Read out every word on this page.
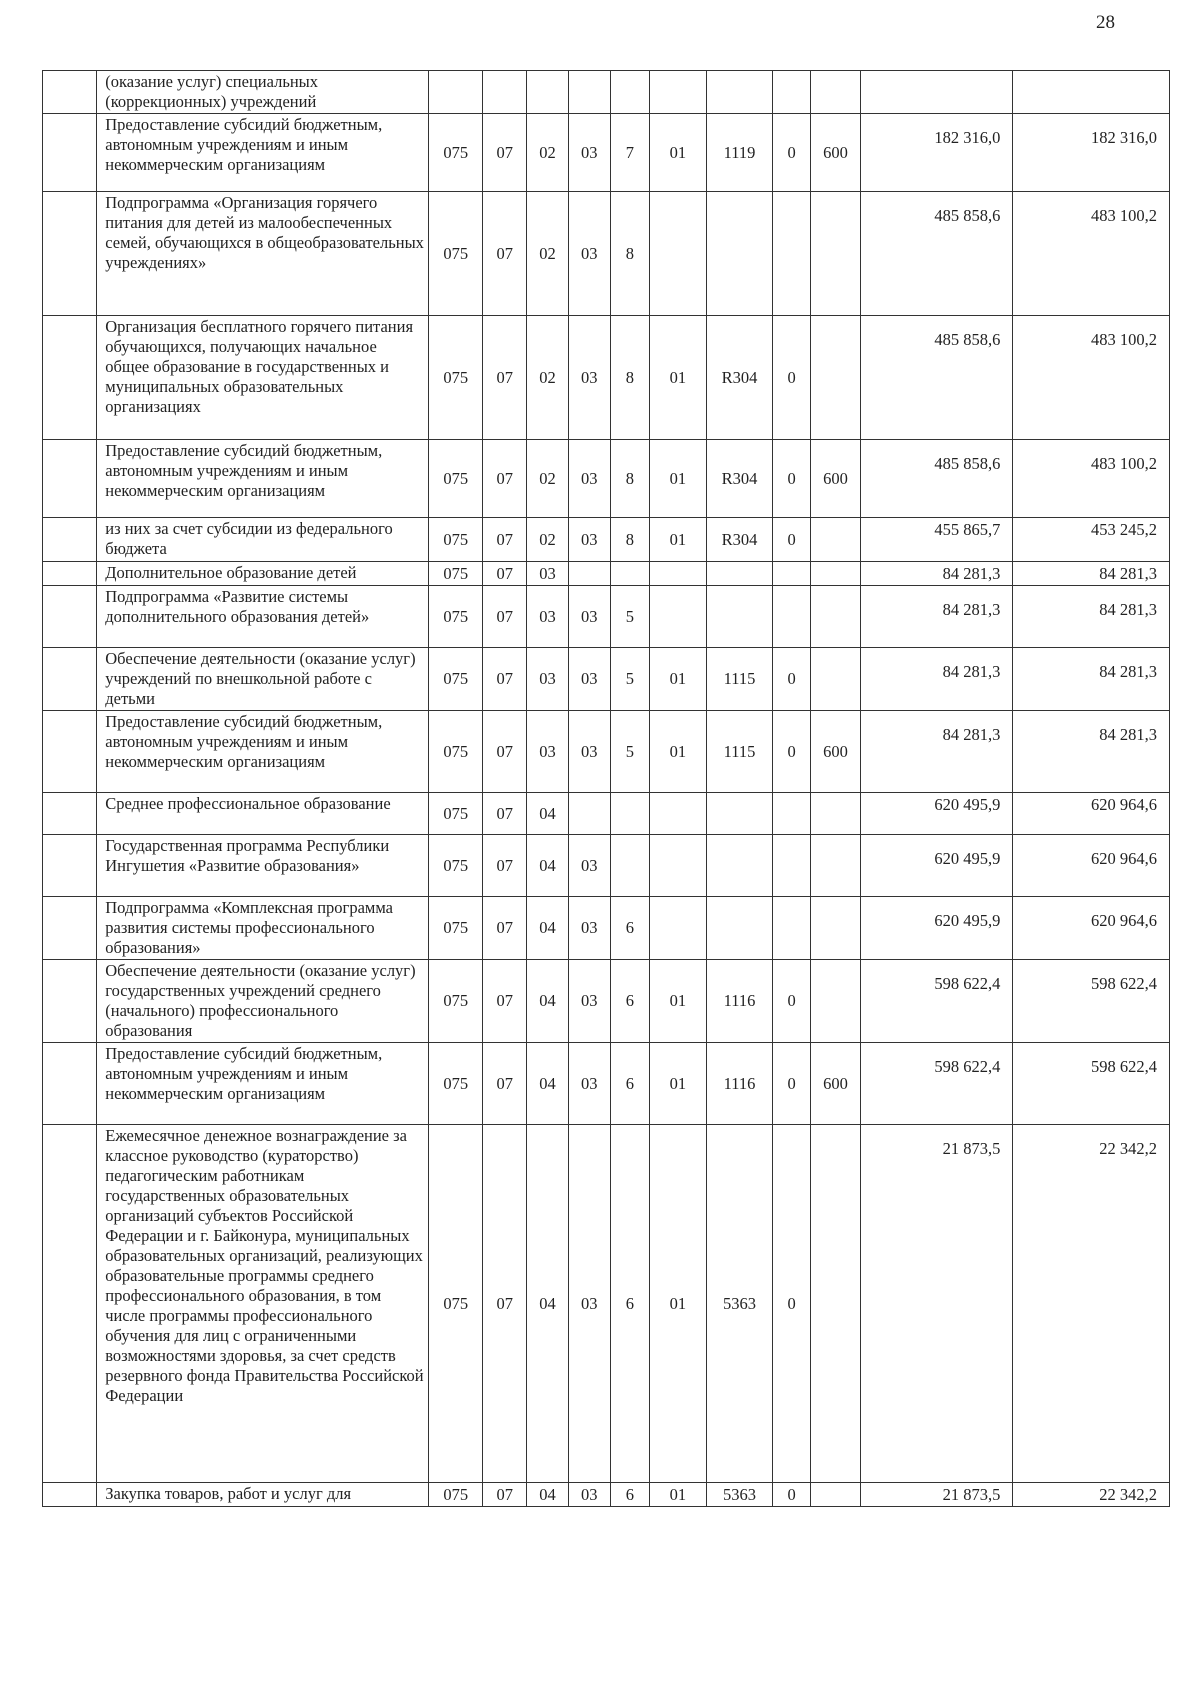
28
	(оказание услуг) специальных (коррекционных) учреждений											
	Предоставление субсидий бюджетным, автономным учреждениям и иным некоммерческим организациям	075	07	02	03	7	01	1119	0	600	182 316,0	182 316,0
	Подпрограмма «Организация горячего питания для детей из малообеспеченных семей, обучающихся в общеобразовательных учреждениях»	075	07	02	03	8					485 858,6	483 100,2
	Организация бесплатного горячего питания обучающихся, получающих начальное общее образование в государственных и муниципальных образовательных организациях	075	07	02	03	8	01	R304	0		485 858,6	483 100,2
	Предоставление субсидий бюджетным, автономным учреждениям и иным некоммерческим организациям	075	07	02	03	8	01	R304	0	600	485 858,6	483 100,2
	из них за счет субсидии из федерального бюджета	075	07	02	03	8	01	R304	0		455 865,7	453 245,2
	Дополнительное образование детей	075	07	03							84 281,3	84 281,3
	Подпрограмма «Развитие системы дополнительного образования детей»	075	07	03	03	5					84 281,3	84 281,3
	Обеспечение деятельности (оказание услуг) учреждений по внешкольной работе с детьми	075	07	03	03	5	01	1115	0		84 281,3	84 281,3
	Предоставление субсидий бюджетным, автономным учреждениям и иным некоммерческим организациям	075	07	03	03	5	01	1115	0	600	84 281,3	84 281,3
	Среднее профессиональное образование	075	07	04							620 495,9	620 964,6
	Государственная программа Республики Ингушетия «Развитие образования»	075	07	04	03						620 495,9	620 964,6
	Подпрограмма «Комплексная программа развития системы профессионального образования»	075	07	04	03	6					620 495,9	620 964,6
	Обеспечение деятельности (оказание услуг) государственных учреждений среднего (начального) профессионального образования	075	07	04	03	6	01	1116	0		598 622,4	598 622,4
	Предоставление субсидий бюджетным, автономным учреждениям и иным некоммерческим организациям	075	07	04	03	6	01	1116	0	600	598 622,4	598 622,4
	Ежемесячное денежное вознаграждение за классное руководство (кураторство) педагогическим работникам государственных образовательных организаций субъектов Российской Федерации и г. Байконура, муниципальных образовательных организаций, реализующих образовательные программы среднего профессионального образования, в том числе программы профессионального обучения для лиц с ограниченными возможностями здоровья, за счет средств резервного фонда Правительства Российской Федерации	075	07	04	03	6	01	5363	0		21 873,5	22 342,2
	Закупка товаров, работ и услуг для	075	07	04	03	6	01	5363	0		21 873,5	22 342,2
